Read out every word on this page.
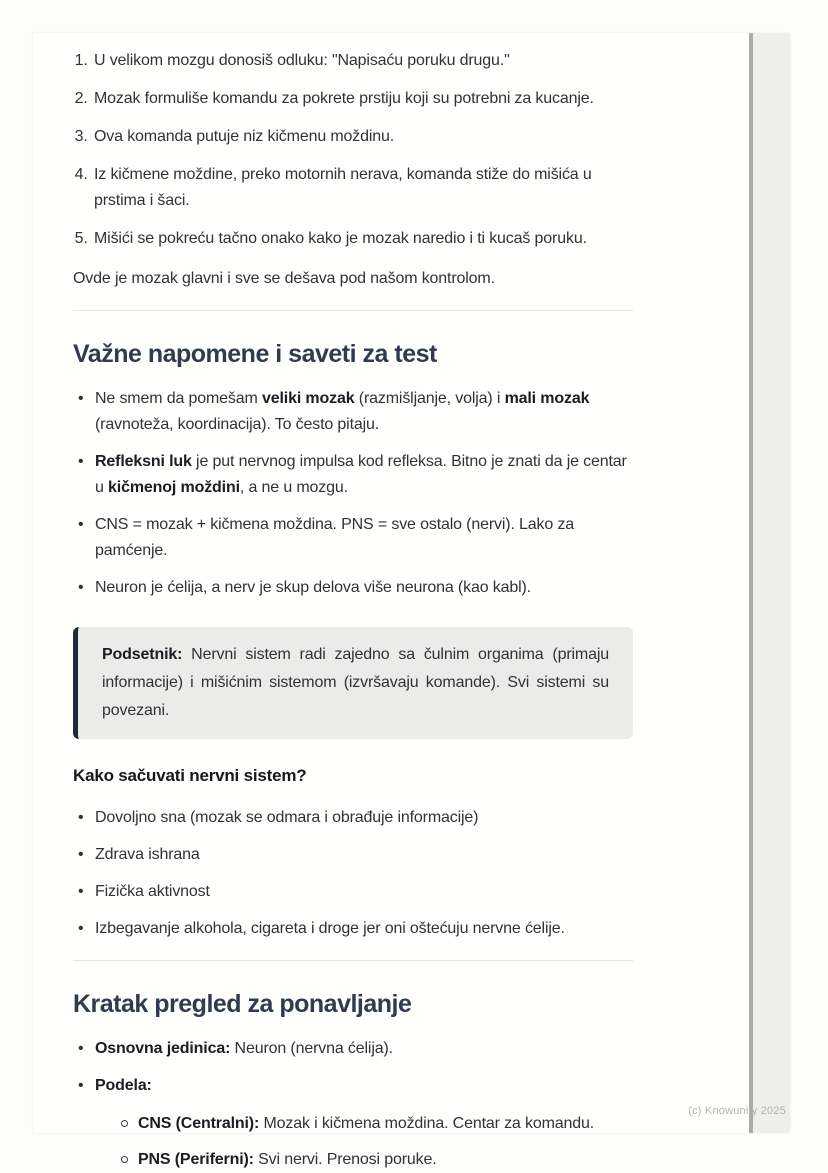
1. U velikom mozgu donosiš odluku: "Napisaću poruku drugu."
2. Mozak formuliše komandu za pokrete prstiju koji su potrebni za kucanje.
3. Ova komanda putuje niz kičmenu moždinu.
4. Iz kičmene moždine, preko motornih nerava, komanda stiže do mišića u prstima i šaci.
5. Mišići se pokreću tačno onako kako je mozak naredio i ti kucaš poruku.

Ovde je mozak glavni i sve se dešava pod našom kontrolom.

Važne napomene i saveti za test
• Ne smem da pomešam veliki mozak (razmišljanje, volja) i mali mozak (ravnoteža, koordinacija). To često pitaju.
• Refleksni luk je put nervnog impulsa kod refleksa. Bitno je znati da je centar u kičmenoj moždini, a ne u mozgu.
• CNS = mozak + kičmena moždina. PNS = sve ostalo (nervi). Lako za pamćenje.
• Neuron je ćelija, a nerv je skup delova više neurona (kao kabl).
Podsetnik: Nervni sistem radi zajedno sa čulnim organima (primaju informacije) i mišićnim sistemom (izvršavaju komande). Svi sistemi su povezani.
Kako sačuvati nervni sistem?
• Dovoljno sna (mozak se odmara i obrađuje informacije)
• Zdrava ishrana
• Fizička aktivnost
• Izbegavanje alkohola, cigareta i droge jer oni oštećuju nervne ćelije.
Kratak pregled za ponavljanje
• Osnovna jedinica: Neuron (nervna ćelija).
• Podela:
CNS (Centralni): Mozak i kičmena moždina. Centar za komandu.
PNS (Periferni): Svi nervi. Prenosi poruke.
(c) Knowunity 2025
